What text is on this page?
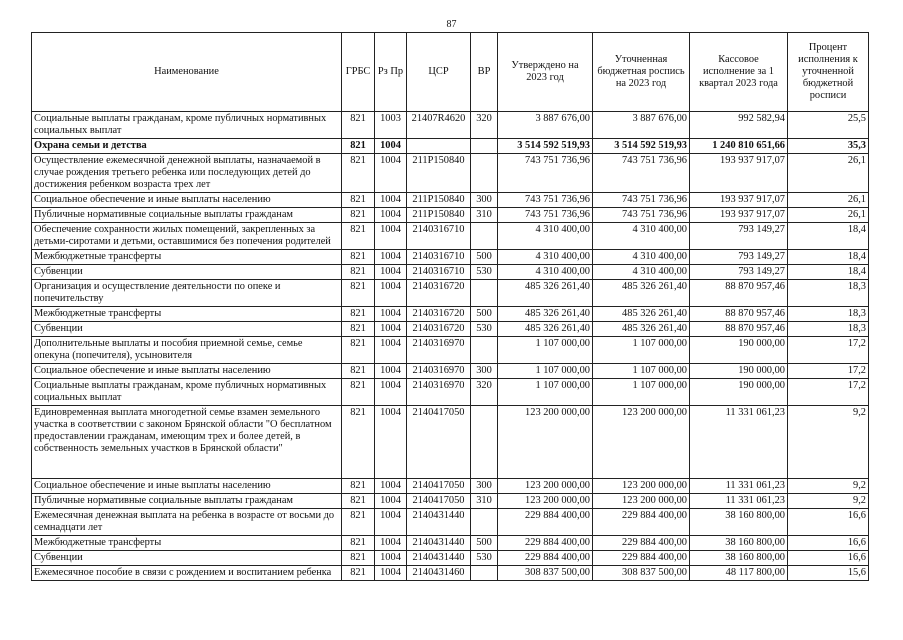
87
Наименование	ГРБС	Рз Пр	ЦСР	ВР	Утверждено на 2023 год	Уточненная бюджетная роспись на 2023 год	Кассовое исполнение за 1 квартал 2023 года	Процент исполнения к уточненной бюджетной росписи
Социальные выплаты гражданам, кроме публичных нормативных социальных выплат	821	1003	21407R4620	320	3 887 676,00	3 887 676,00	992 582,94	25,5
Охрана семьи и детства	821	1004			3 514 592 519,93	3 514 592 519,93	1 240 810 651,66	35,3
Осуществление ежемесячной денежной выплаты, назначаемой в случае рождения третьего ребенка или последующих детей до достижения ребенком возраста трех лет	821	1004	211P150840		743 751 736,96	743 751 736,96	193 937 917,07	26,1
Социальное обеспечение и иные выплаты населению	821	1004	211P150840	300	743 751 736,96	743 751 736,96	193 937 917,07	26,1
Публичные нормативные социальные выплаты гражданам	821	1004	211P150840	310	743 751 736,96	743 751 736,96	193 937 917,07	26,1
Обеспечение сохранности жилых помещений, закрепленных за детьми-сиротами и детьми, оставшимися без попечения родителей	821	1004	2140316710		4 310 400,00	4 310 400,00	793 149,27	18,4
Межбюджетные трансферты	821	1004	2140316710	500	4 310 400,00	4 310 400,00	793 149,27	18,4
Субвенции	821	1004	2140316710	530	4 310 400,00	4 310 400,00	793 149,27	18,4
Организация и осуществление деятельности по опеке и попечительству	821	1004	2140316720		485 326 261,40	485 326 261,40	88 870 957,46	18,3
Межбюджетные трансферты	821	1004	2140316720	500	485 326 261,40	485 326 261,40	88 870 957,46	18,3
Субвенции	821	1004	2140316720	530	485 326 261,40	485 326 261,40	88 870 957,46	18,3
Дополнительные выплаты и пособия приемной семье, семье опекуна (попечителя), усыновителя	821	1004	2140316970		1 107 000,00	1 107 000,00	190 000,00	17,2
Социальное обеспечение и иные выплаты населению	821	1004	2140316970	300	1 107 000,00	1 107 000,00	190 000,00	17,2
Социальные выплаты гражданам, кроме публичных нормативных социальных выплат	821	1004	2140316970	320	1 107 000,00	1 107 000,00	190 000,00	17,2
Единовременная выплата многодетной семье взамен земельного участка в соответствии с законом Брянской области "О бесплатном предоставлении гражданам, имеющим трех и более детей, в собственность земельных участков в Брянской области"	821	1004	2140417050		123 200 000,00	123 200 000,00	11 331 061,23	9,2
Социальное обеспечение и иные выплаты населению	821	1004	2140417050	300	123 200 000,00	123 200 000,00	11 331 061,23	9,2
Публичные нормативные социальные выплаты гражданам	821	1004	2140417050	310	123 200 000,00	123 200 000,00	11 331 061,23	9,2
Ежемесячная денежная выплата на ребенка в возрасте от восьми до семнадцати лет	821	1004	2140431440		229 884 400,00	229 884 400,00	38 160 800,00	16,6
Межбюджетные трансферты	821	1004	2140431440	500	229 884 400,00	229 884 400,00	38 160 800,00	16,6
Субвенции	821	1004	2140431440	530	229 884 400,00	229 884 400,00	38 160 800,00	16,6
Ежемесячное пособие в связи с рождением и воспитанием ребенка	821	1004	2140431460		308 837 500,00	308 837 500,00	48 117 800,00	15,6
